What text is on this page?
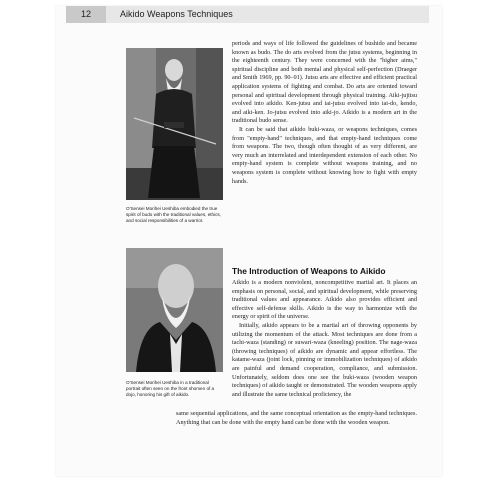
12	Aikido Weapons Techniques
O'Sensei Morihei Ueshiba embodied the true spirit of budo with the traditional values, ethics, and social responsibilities of a warrior.
O'Sensei Morihei Ueshiba in a traditional portrait often seen on the front shomen of a dojo, honoring his gift of aikido.

periods and ways of life followed the guidelines of bushido and became known as budo. The do arts evolved from the jutsu systems, beginning in the eighteenth century. They were concerned with the "higher aims," spiritual discipline and both mental and physical self-perfection (Draeger and Smith 1969, pp. 90–91). Jutsu arts are effective and efficient practical application systems of fighting and combat. Do arts are oriented toward personal and spiritual development through physical training. Aiki-jujitsu evolved into aikido. Ken-jutsu and iai-jutsu evolved into iai-do, kendo, and aiki-ken. Jo-jutsu evolved into aiki-jo. Aikido is a modern art in the traditional budo sense.

It can be said that aikido buki-waza, or weapons techniques, comes from "empty-hand" techniques, and that empty-hand techniques come from weapons. The two, though often thought of as very different, are very much an interrelated and interdependent extension of each other. No empty-hand system is complete without weapons training, and no weapons system is complete without knowing how to fight with empty hands.

The Introduction of Weapons to Aikido

Aikido is a modern nonviolent, noncompetitive martial art. It places an emphasis on personal, social, and spiritual development, while preserving traditional values and appearance. Aikido also provides efficient and effective self-defense skills. Aikido is the way to harmonize with the energy or spirit of the universe.

Initially, aikido appears to be a martial art of throwing opponents by utilizing the momentum of the attack. Most techniques are done from a tachi-waza (standing) or suwari-waza (kneeling) position. The nage-waza (throwing techniques) of aikido are dynamic and appear effortless. The katame-waza (joint lock, pinning or immobilization techniques) of aikido are painful and demand cooperation, compliance, and submission. Unfortunately, seldom does one see the buki-waza (wooden weapon techniques) of aikido taught or demonstrated. The wooden weapons apply and illustrate the same technical proficiency, the

same sequential applications, and the same conceptual orientation as the empty-hand techniques. Anything that can be done with the empty hand can be done with the wooden weapon.
